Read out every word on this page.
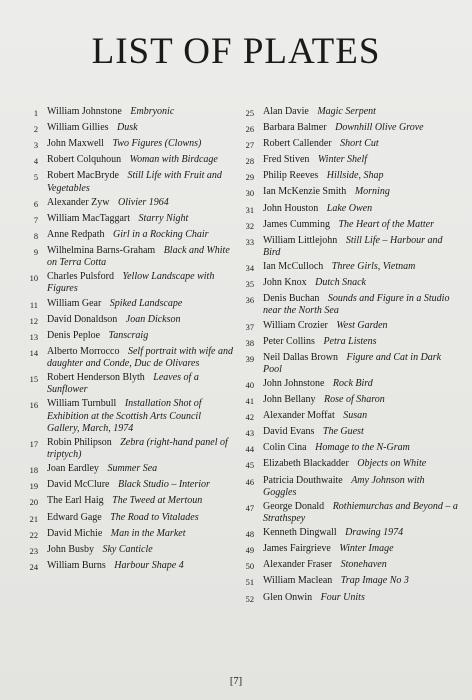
LIST OF PLATES
1 William Johnstone Embryonic
2 William Gillies Dusk
3 John Maxwell Two Figures (Clowns)
4 Robert Colquhoun Woman with Birdcage
5 Robert MacBryde Still Life with Fruit and Vegetables
6 Alexander Zyw Olivier 1964
7 William MacTaggart Starry Night
8 Anne Redpath Girl in a Rocking Chair
9 Wilhelmina Barns-Graham Black and White on Terra Cotta
10 Charles Pulsford Yellow Landscape with Figures
11 William Gear Spiked Landscape
12 David Donaldson Joan Dickson
13 Denis Peploe Tanscraig
14 Alberto Morrocco Self portrait with wife and daughter and Conde, Duc de Olivares
15 Robert Henderson Blyth Leaves of a Sunflower
16 William Turnbull Installation Shot of Exhibition at the Scottish Arts Council Gallery, March, 1974
17 Robin Philipson Zebra (right-hand panel of triptych)
18 Joan Eardley Summer Sea
19 David McClure Black Studio – Interior
20 The Earl Haig The Tweed at Mertoun
21 Edward Gage The Road to Vitalades
22 David Michie Man in the Market
23 John Busby Sky Canticle
24 William Burns Harbour Shape 4
25 Alan Davie Magic Serpent
26 Barbara Balmer Downhill Olive Grove
27 Robert Callender Short Cut
28 Fred Stiven Winter Shelf
29 Philip Reeves Hillside, Shap
30 Ian McKenzie Smith Morning
31 John Houston Lake Owen
32 James Cumming The Heart of the Matter
33 William Littlejohn Still Life – Harbour and Bird
34 Ian McCulloch Three Girls, Vietnam
35 John Knox Dutch Snack
36 Denis Buchan Sounds and Figure in a Studio near the North Sea
37 William Crozier West Garden
38 Peter Collins Petra Listens
39 Neil Dallas Brown Figure and Cat in Dark Pool
40 John Johnstone Rock Bird
41 John Bellany Rose of Sharon
42 Alexander Moffat Susan
43 David Evans The Guest
44 Colin Cina Homage to the N-Gram
45 Elizabeth Blackadder Objects on White
46 Patricia Douthwaite Amy Johnson with Goggles
47 George Donald Rothiemurchas and Beyond – a Strathspey
48 Kenneth Dingwall Drawing 1974
49 James Fairgrieve Winter Image
50 Alexander Fraser Stonehaven
51 William Maclean Trap Image No 3
52 Glen Onwin Four Units
[7]
